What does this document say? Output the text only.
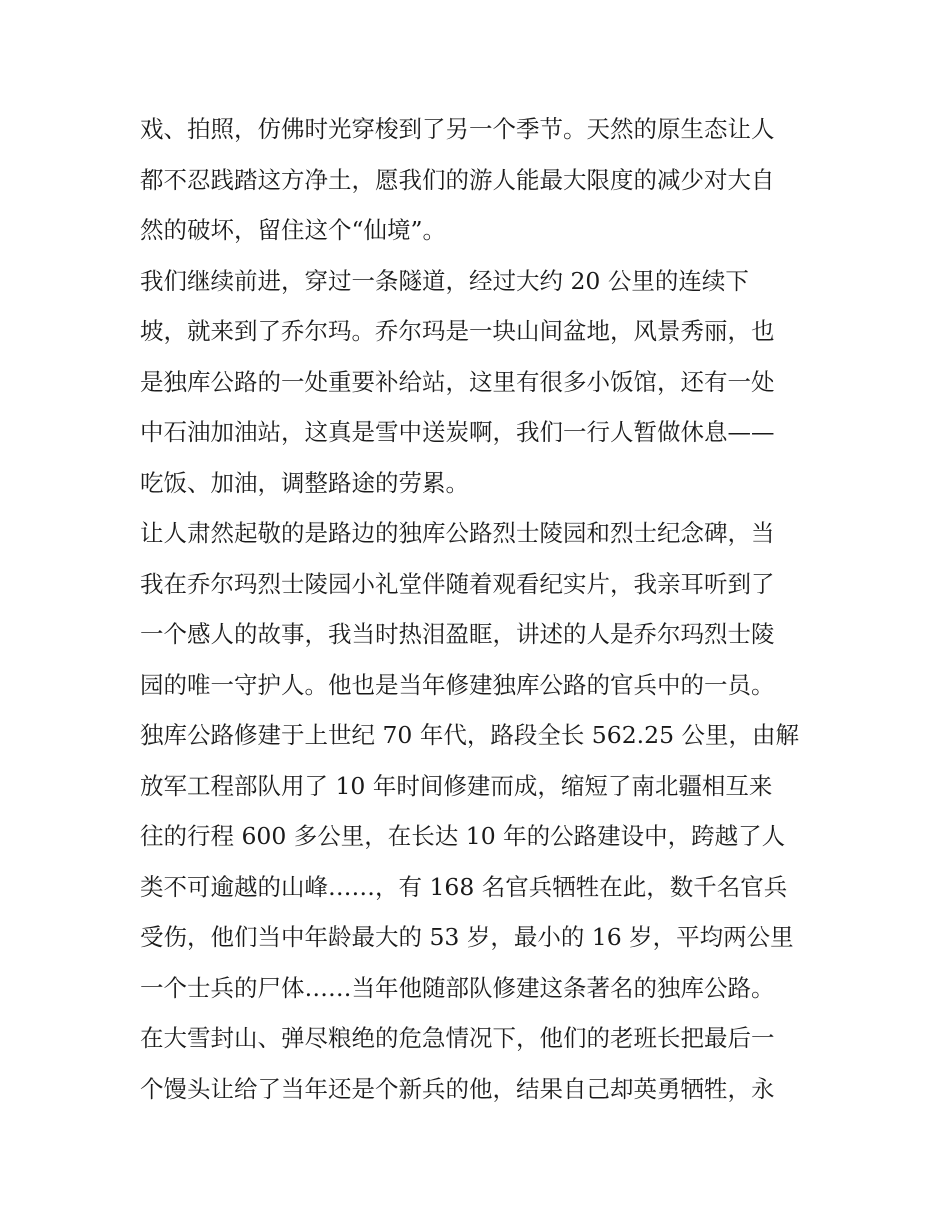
戏、拍照，仿佛时光穿梭到了另一个季节。天然的原生态让人
都不忍践踏这方净土，愿我们的游人能最大限度的减少对大自
然的破坏，留住这个“仙境”。
我们继续前进，穿过一条隧道，经过大约 20 公里的连续下
坡，就来到了乔尔玛。乔尔玛是一块山间盆地，风景秀丽，也
是独库公路的一处重要补给站，这里有很多小饭馆，还有一处
中石油加油站，这真是雪中送炭啊，我们一行人暂做休息——
吃饭、加油，调整路途的劳累。
让人肃然起敬的是路边的独库公路烈士陵园和烈士纪念碑，当
我在乔尔玛烈士陵园小礼堂伴随着观看纪实片，我亲耳听到了
一个感人的故事，我当时热泪盈眶，讲述的人是乔尔玛烈士陵
园的唯一守护人。他也是当年修建独库公路的官兵中的一员。
独库公路修建于上世纪 70 年代，路段全长 562.25 公里，由解
放军工程部队用了 10 年时间修建而成，缩短了南北疆相互来
往的行程 600 多公里，在长达 10 年的公路建设中，跨越了人
类不可逾越的山峰……，有 168 名官兵牺牲在此，数千名官兵
受伤，他们当中年龄最大的 53 岁，最小的 16 岁，平均两公里
一个士兵的尸体……当年他随部队修建这条著名的独库公路。
在大雪封山、弹尽粮绝的危急情况下，他们的老班长把最后一
个馒头让给了当年还是个新兵的他，结果自己却英勇牺牲，永
